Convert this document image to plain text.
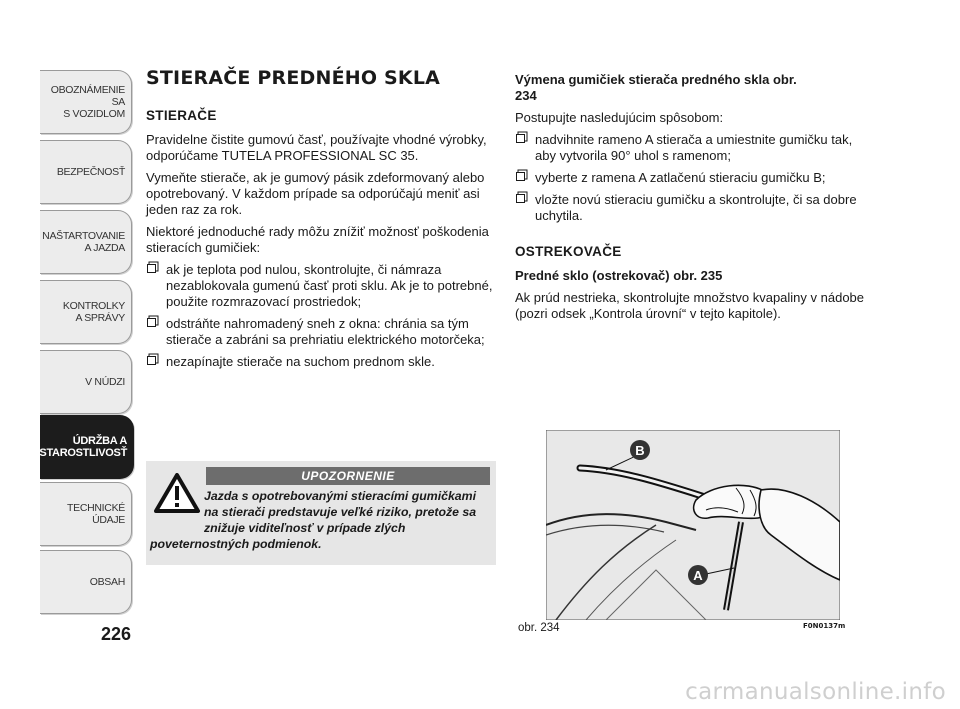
OBOZNÁMENIE SA
S VOZIDLOM
BEZPEČNOSŤ
NAŠTARTOVANIE
A JAZDA
KONTROLKY
A SPRÁVY
V NÚDZI
ÚDRŽBA A
STAROSTLIVOSŤ
TECHNICKÉ
ÚDAJE
OBSAH
226
STIERAČE PREDNÉHO SKLA
STIERAČE

Pravidelne čistite gumovú časť, používajte vhodné výrobky, odporúčame TUTELA PROFESSIONAL SC 35.

Vymeňte stierače, ak je gumový pásik zdeformovaný alebo opotrebovaný. V každom prípade sa odporúčajú meniť asi jeden raz za rok.

Niektoré jednoduché rady môžu znížiť možnosť poškodenia stieracích gumičiek:

ak je teplota pod nulou, skontrolujte, či námraza nezablokovala gumenú časť proti sklu. Ak je to potrebné, použite rozmrazovací prostriedok;
odstráňte nahromadený sneh z okna: chránia sa tým stierače a zabráni sa prehriatiu elektrického motorčeka;
nezapínajte stierače na suchom prednom skle.
UPOZORNENIE
Jazda s opotrebovanými stieracími gumičkami na stierači predstavuje veľké riziko, pretože sa znižuje viditeľnosť v prípade zlých poveternostných podmienok.
Výmena gumičiek stierača predného skla obr. 234

Postupujte nasledujúcim spôsobom:

nadvihnite rameno A stierača a umiestnite gumičku tak, aby vytvorila 90° uhol s ramenom;
vyberte z ramena A zatlačenú stieraciu gumičku B;
vložte novú stieraciu gumičku a skontrolujte, či sa dobre uchytila.
OSTREKOVAČE
Predné sklo (ostrekovač) obr. 235

Ak prúd nestrieka, skontrolujte množstvo kvapaliny v nádobe (pozri odsek „Kontrola úrovní“ v tejto kapitole).

B
A
obr. 234	F0N0137m
carmanualsonline.info
